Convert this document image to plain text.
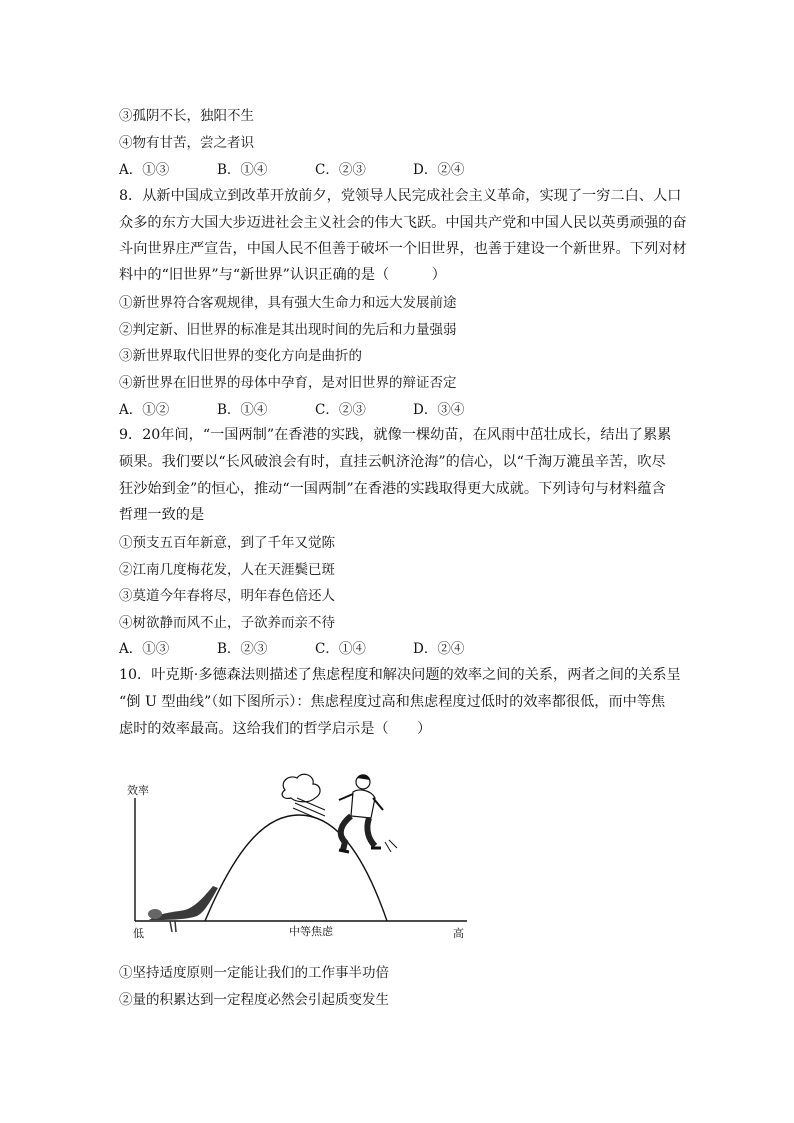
③孤阴不长，独阳不生
④物有甘苦，尝之者识
A．①③	B．①④	C．②③	D．②④
8．从新中国成立到改革开放前夕，党领导人民完成社会主义革命，实现了一穷二白、人口
众多的东方大国大步迈进社会主义社会的伟大飞跃。中国共产党和中国人民以英勇顽强的奋
斗向世界庄严宣告，中国人民不但善于破坏一个旧世界，也善于建设一个新世界。下列对材
料中的“旧世界”与“新世界”认识正确的是（　　　）
①新世界符合客观规律，具有强大生命力和远大发展前途
②判定新、旧世界的标准是其出现时间的先后和力量强弱
③新世界取代旧世界的变化方向是曲折的
④新世界在旧世界的母体中孕育，是对旧世界的辩证否定
A．①②	B．①④	C．②③	D．③④
9．20年间，“一国两制”在香港的实践，就像一棵幼苗，在风雨中茁壮成长，结出了累累
硕果。我们要以“长风破浪会有时，直挂云帆济沧海”的信心，以“千淘万漉虽辛苦，吹尽
狂沙始到金”的恒心，推动“一国两制”在香港的实践取得更大成就。下列诗句与材料蕴含
哲理一致的是
①预支五百年新意，到了千年又觉陈
②江南几度梅花发，人在天涯鬓已斑
③莫道今年春将尽，明年春色倍还人
④树欲静而风不止，子欲养而亲不待
A．①③	B．②③	C．①④	D．②④
10．叶克斯·多德森法则描述了焦虑程度和解决问题的效率之间的关系，两者之间的关系呈
“倒 U 型曲线”（如下图所示）：焦虑程度过高和焦虑程度过低时的效率都很低，而中等焦
虑时的效率最高。这给我们的哲学启示是（　　）
效率
低	中等焦虑	高
①坚持适度原则一定能让我们的工作事半功倍
②量的积累达到一定程度必然会引起质变发生
